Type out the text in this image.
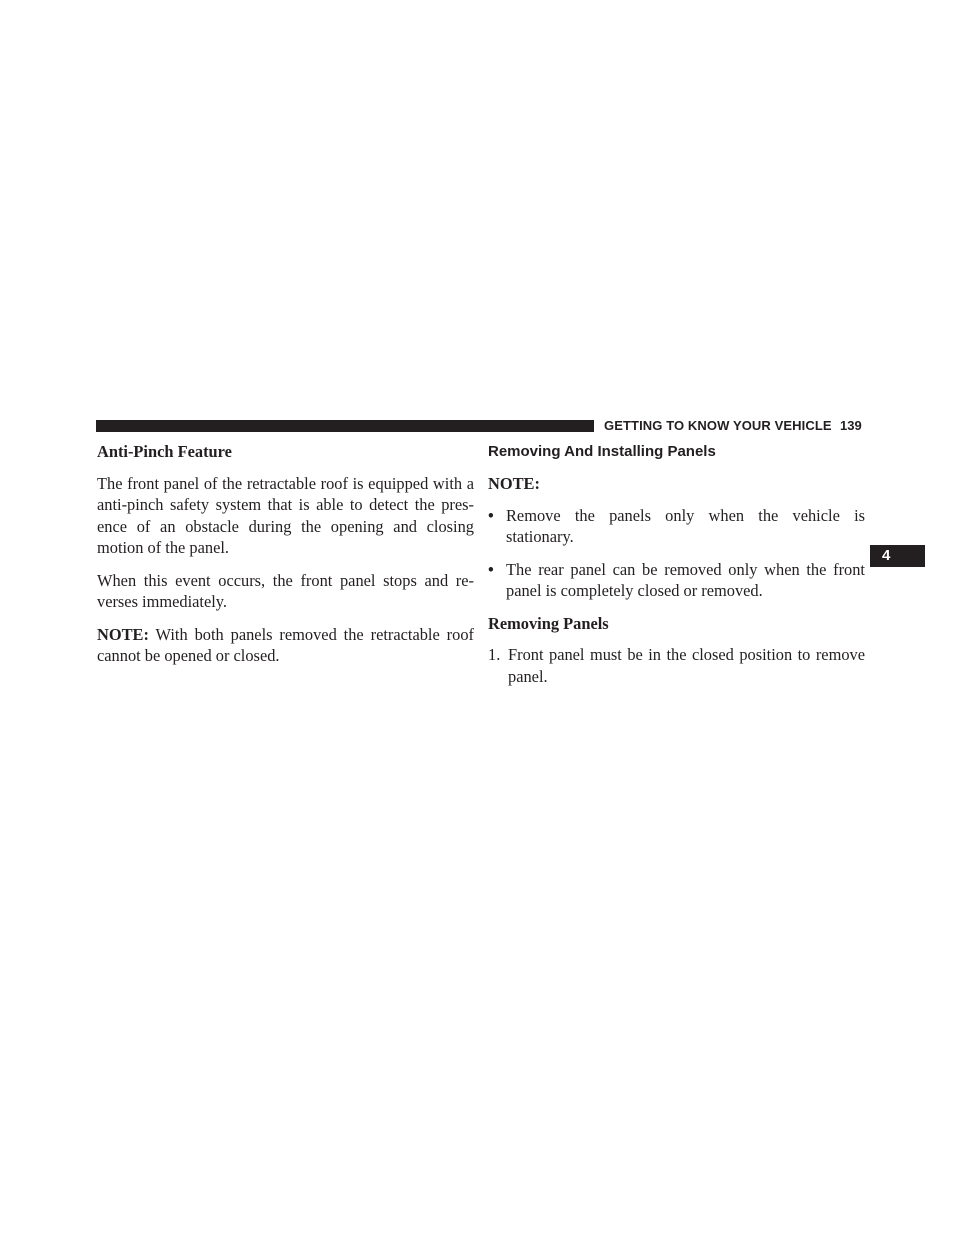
GETTING TO KNOW YOUR VEHICLE 139
4

Anti-Pinch Feature

The front panel of the retractable roof is equipped with a anti-pinch safety system that is able to detect the pres-ence of an obstacle during the opening and closing motion of the panel.

When this event occurs, the front panel stops and re-verses immediately.

NOTE: With both panels removed the retractable roof cannot be opened or closed.

Removing And Installing Panels
NOTE:
• Remove the panels only when the vehicle is stationary.

• The rear panel can be removed only when the front panel is completely closed or removed.

Removing Panels
1. Front panel must be in the closed position to remove panel.
